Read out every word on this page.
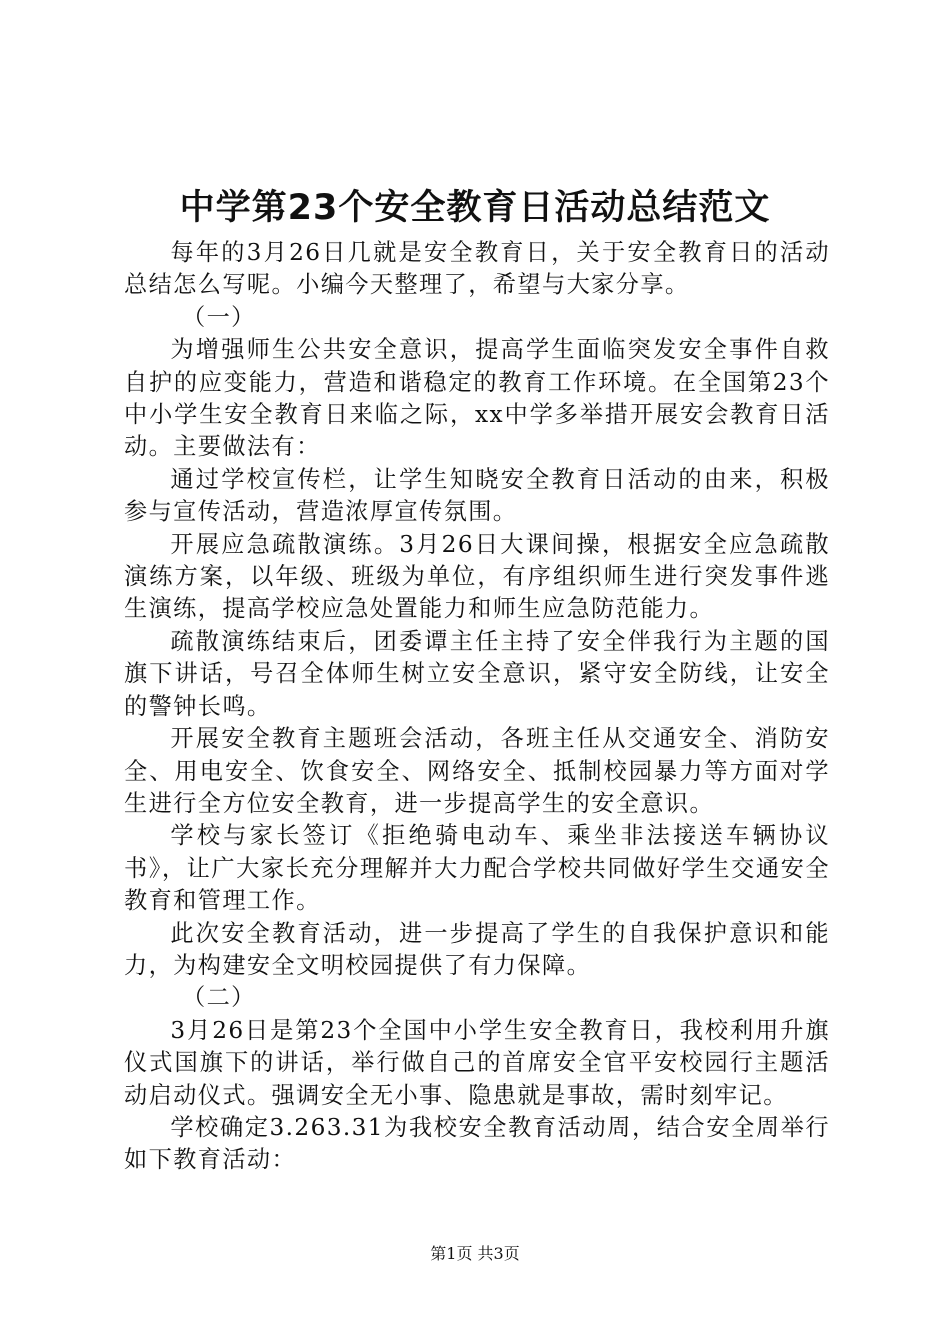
中学第23个安全教育日活动总结范文

每年的3月26日几就是安全教育日，关于安全教育日的活动总结怎么写呢。小编今天整理了，希望与大家分享。

（一）

为增强师生公共安全意识，提高学生面临突发安全事件自救自护的应变能力，营造和谐稳定的教育工作环境。在全国第23个中小学生安全教育日来临之际，xx中学多举措开展安会教育日活动。主要做法有：

通过学校宣传栏，让学生知晓安全教育日活动的由来，积极参与宣传活动，营造浓厚宣传氛围。

开展应急疏散演练。3月26日大课间操，根据安全应急疏散演练方案，以年级、班级为单位，有序组织师生进行突发事件逃生演练，提高学校应急处置能力和师生应急防范能力。

疏散演练结束后，团委谭主任主持了安全伴我行为主题的国旗下讲话，号召全体师生树立安全意识，紧守安全防线，让安全的警钟长鸣。

开展安全教育主题班会活动，各班主任从交通安全、消防安全、用电安全、饮食安全、网络安全、抵制校园暴力等方面对学生进行全方位安全教育，进一步提高学生的安全意识。

学校与家长签订《拒绝骑电动车、乘坐非法接送车辆协议书》，让广大家长充分理解并大力配合学校共同做好学生交通安全教育和管理工作。

此次安全教育活动，进一步提高了学生的自我保护意识和能力，为构建安全文明校园提供了有力保障。

（二）

3月26日是第23个全国中小学生安全教育日，我校利用升旗仪式国旗下的讲话，举行做自己的首席安全官平安校园行主题活动启动仪式。强调安全无小事、隐患就是事故，需时刻牢记。

学校确定3.263.31为我校安全教育活动周，结合安全周举行如下教育活动：

第1页 共3页
